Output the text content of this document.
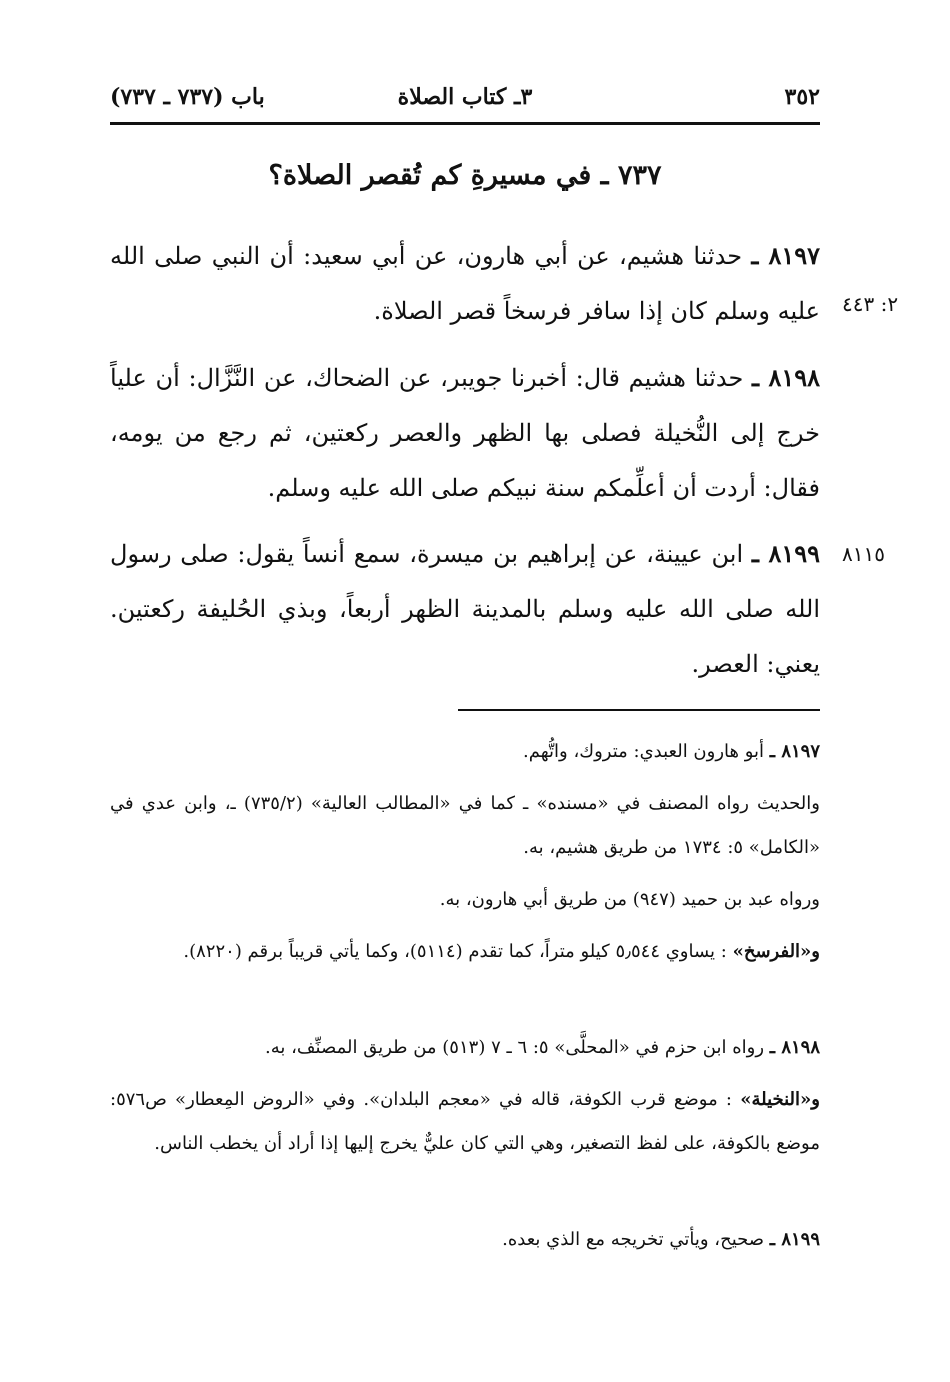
٣٥٢
٣ـ كتاب الصلاة
باب (٧٣٧ ـ ٧٣٧)
٧٣٧ ـ في مسيرةِ كم تُقصر الصلاة؟
٨١٩٧ ـ حدثنا هشيم، عن أبي هارون، عن أبي سعيد: أن النبي صلى الله عليه وسلم كان إذا سافر فرسخاً قصر الصلاة. ٢: ٤٤٣
٨١٩٨ ـ حدثنا هشيم قال: أخبرنا جويبر، عن الضحاك، عن النَّزَّال: أن علياً خرج إلى النُّخيلة فصلى بها الظهر والعصر ركعتين، ثم رجع من يومه، فقال: أردت أن أعلِّمكم سنة نبيكم صلى الله عليه وسلم.
٨١٩٩ ـ ابن عيينة، عن إبراهيم بن ميسرة، سمع أنساً يقول: صلى رسول الله صلى الله عليه وسلم بالمدينة الظهر أربعاً، وبذي الحُليفة ركعتين. يعني: العصر.
٨١١٥
٨١٩٧ ـ أبو هارون العبدي: متروك، واتُّهم.
والحديث رواه المصنف في «مسنده» ـ كما في «المطالب العالية» (٧٣٥/٢) ـ، وابن عدي في «الكامل» ٥: ١٧٣٤ من طريق هشيم، به.
ورواه عبد بن حميد (٩٤٧) من طريق أبي هارون، به.
و«الفرسخ» : يساوي ٥٫٥٤٤ كيلو متراً، كما تقدم (٥١١٤)، وكما يأتي قريباً برقم (٨٢٢٠).
٨١٩٨ ـ رواه ابن حزم في «المحلَّى» ٥: ٦ ـ ٧ (٥١٣) من طريق المصنِّف، به.
و«النخيلة» : موضع قرب الكوفة، قاله في «معجم البلدان». وفي «الروض المِعطار» ص٥٧٦: موضع بالكوفة، على لفظ التصغير، وهي التي كان عليٌّ يخرج إليها إذا أراد أن يخطب الناس.
٨١٩٩ ـ صحيح، ويأتي تخريجه مع الذي بعده.
